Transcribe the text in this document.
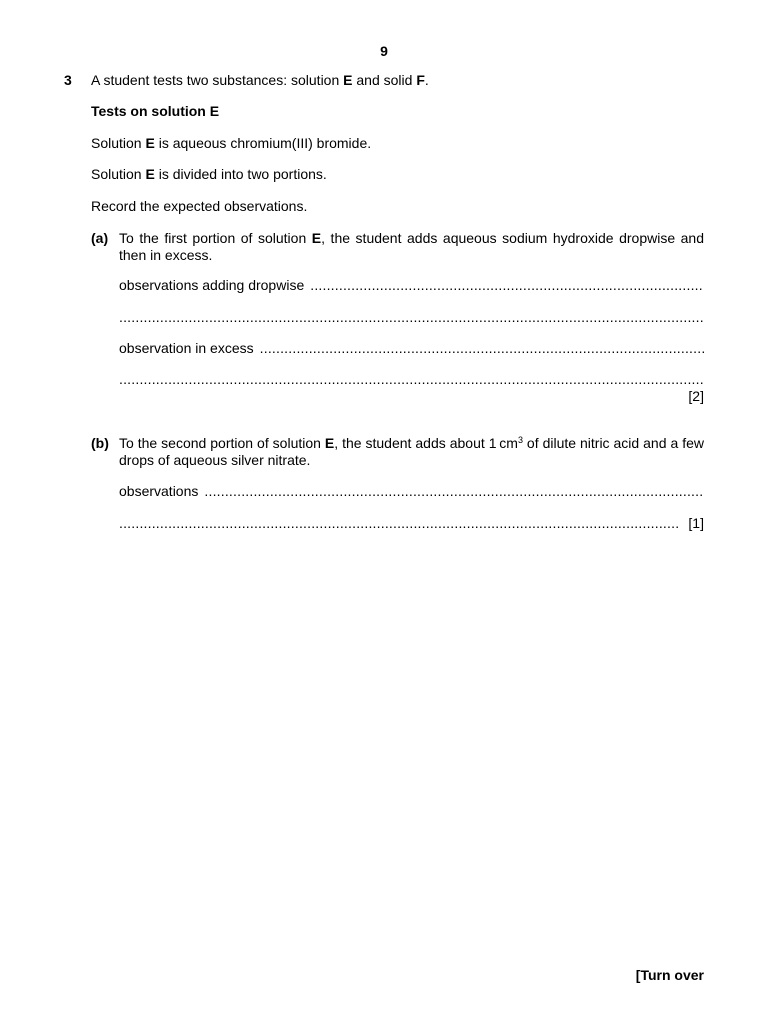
9
3 A student tests two substances: solution E and solid F.
Tests on solution E
Solution E is aqueous chromium(III) bromide.
Solution E is divided into two portions.
Record the expected observations.
(a) To the first portion of solution E, the student adds aqueous sodium hydroxide dropwise and then in excess.
observations adding dropwise
.....
.....
observation in excess
.....
.....
[2]
(b) To the second portion of solution E, the student adds about 1 $cm^3$ of dilute nitric acid and a few drops of aqueous silver nitrate.
observations
.....
.....
[1]
[Turn over
